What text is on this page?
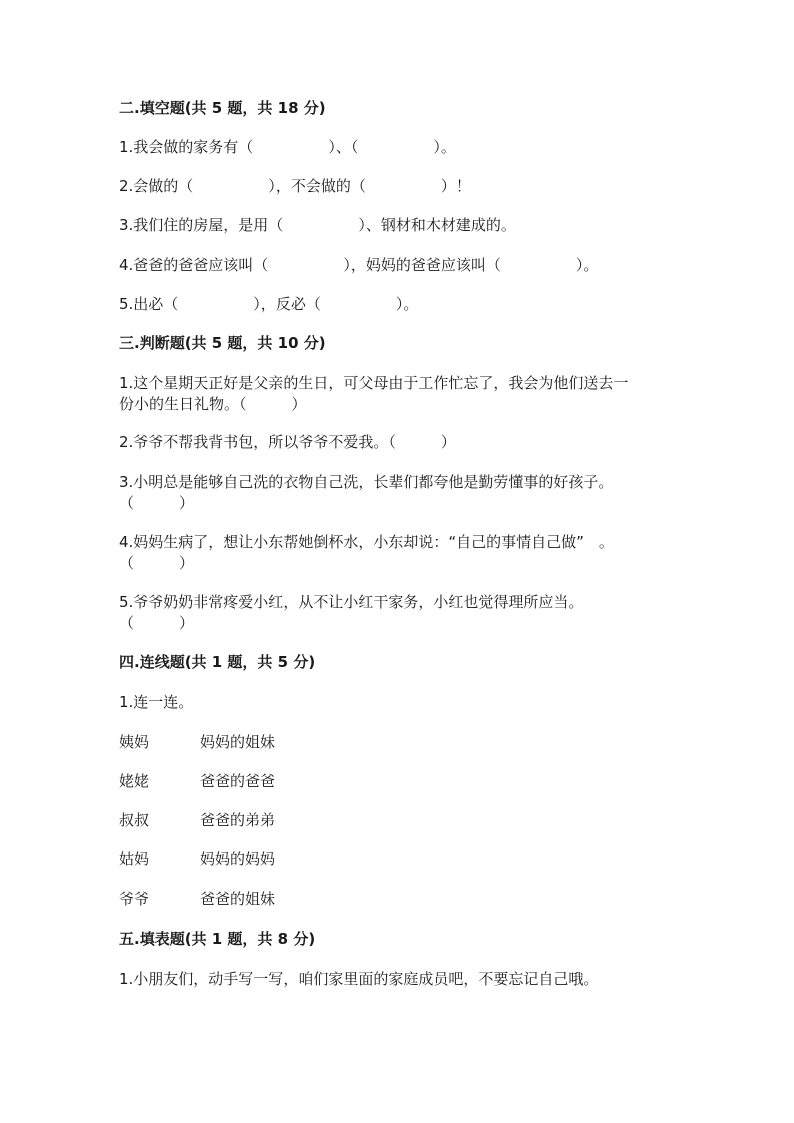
二.填空题(共 5 题，共 18 分)
1.我会做的家务有（　　　　　）、（　　　　　）。
2.会做的（　　　　　），不会做的（　　　　　）！
3.我们住的房屋，是用（　　　　　）、钢材和木材建成的。
4.爸爸的爸爸应该叫（　　　　　），妈妈的爸爸应该叫（　　　　　）。
5.出必（　　　　　），反必（　　　　　）。
三.判断题(共 5 题，共 10 分)
1.这个星期天正好是父亲的生日，可父母由于工作忙忘了，我会为他们送去一
份小的生日礼物。（　　　）
2.爷爷不帮我背书包，所以爷爷不爱我。（　　　）
3.小明总是能够自己洗的衣物自己洗，长辈们都夸他是勤劳懂事的好孩子。
（　　　）
4.妈妈生病了，想让小东帮她倒杯水，小东却说：“自己的事情自己做”　。
（　　　）
5.爷爷奶奶非常疼爱小红，从不让小红干家务，小红也觉得理所应当。
（　　　）
四.连线题(共 1 题，共 5 分)
1.连一连。
姨妈	妈妈的姐妹
姥姥	爸爸的爸爸
叔叔	爸爸的弟弟
姑妈	妈妈的妈妈
爷爷	爸爸的姐妹
五.填表题(共 1 题，共 8 分)
1.小朋友们，动手写一写，咱们家里面的家庭成员吧，不要忘记自己哦。
